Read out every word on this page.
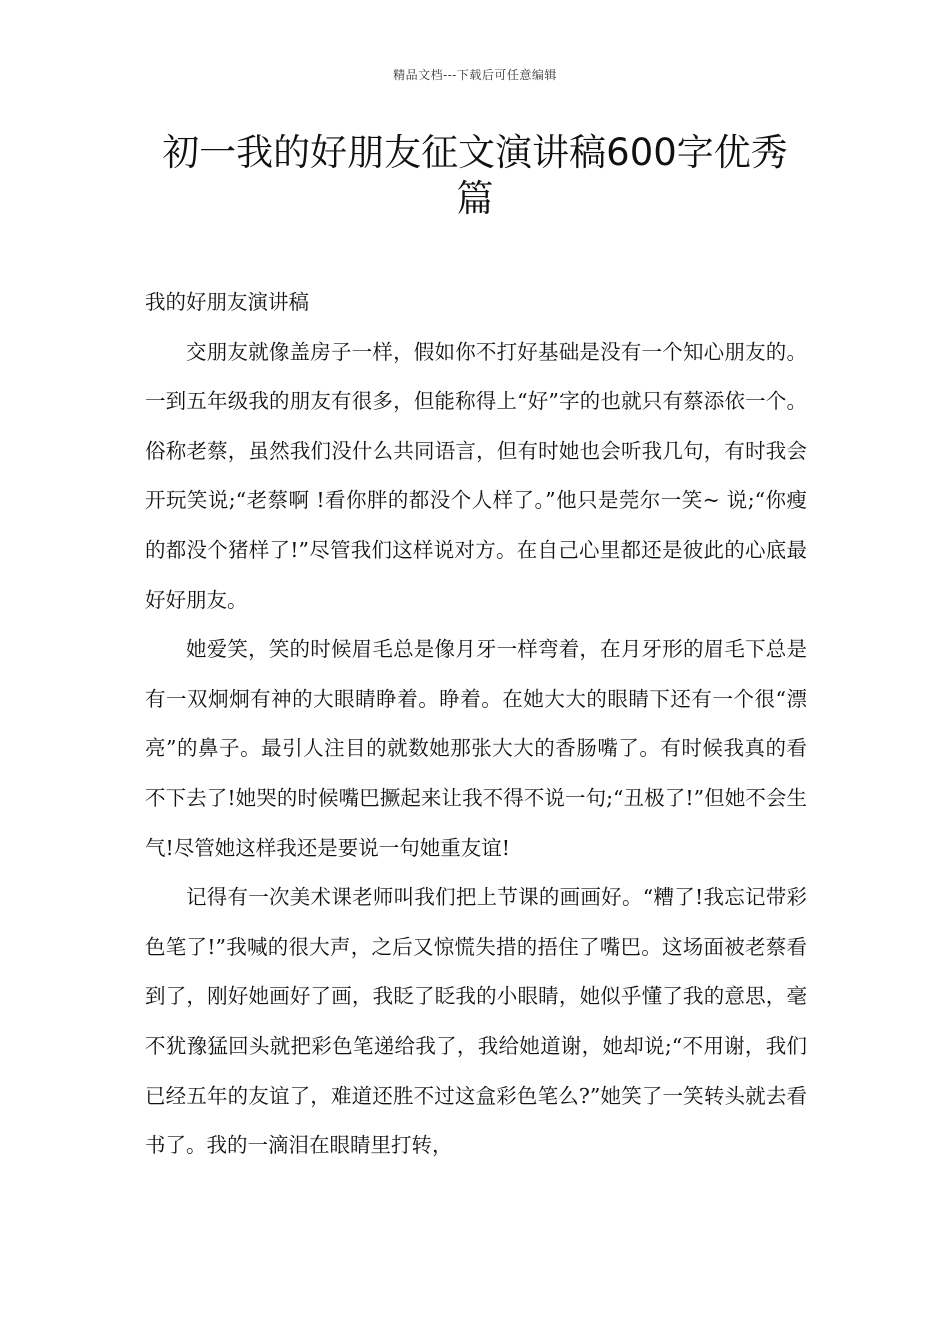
精品文档---下载后可任意编辑
初一我的好朋友征文演讲稿600字优秀篇

我的好朋友演讲稿

交朋友就像盖房子一样，假如你不打好基础是没有一个知心朋友的。一到五年级我的朋友有很多，但能称得上“好”字的也就只有蔡添依一个。俗称老蔡，虽然我们没什么共同语言，但有时她也会听我几句，有时我会开玩笑说;“老蔡啊 !看你胖的都没个人样了。”他只是莞尔一笑~ 说;“你瘦的都没个猪样了!”尽管我们这样说对方。在自己心里都还是彼此的心底最好好朋友。

她爱笑，笑的时候眉毛总是像月牙一样弯着，在月牙形的眉毛下总是有一双炯炯有神的大眼睛睁着。睁着。在她大大的眼睛下还有一个很“漂亮”的鼻子。最引人注目的就数她那张大大的香肠嘴了。有时候我真的看不下去了!她哭的时候嘴巴撅起来让我不得不说一句;“丑极了!”但她不会生气!尽管她这样我还是要说一句她重友谊!

记得有一次美术课老师叫我们把上节课的画画好。“糟了!我忘记带彩色笔了!”我喊的很大声，之后又惊慌失措的捂住了嘴巴。这场面被老蔡看到了，刚好她画好了画，我眨了眨我的小眼睛，她似乎懂了我的意思，毫不犹豫猛回头就把彩色笔递给我了，我给她道谢，她却说;“不用谢，我们已经五年的友谊了，难道还胜不过这盒彩色笔么?”她笑了一笑转头就去看书了。我的一滴泪在眼睛里打转，
